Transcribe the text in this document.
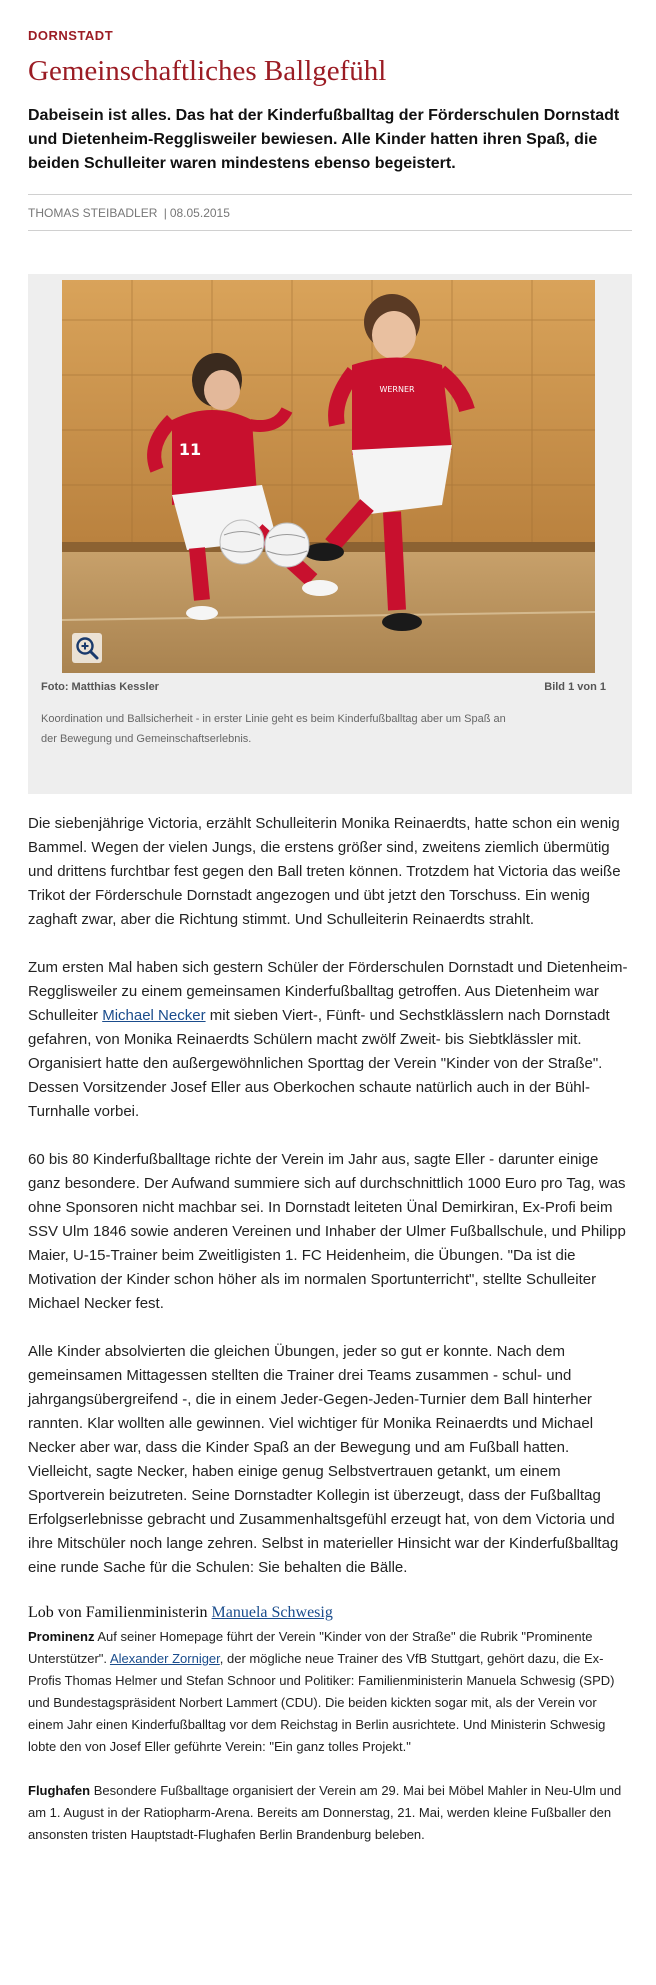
DORNSTADT
Gemeinschaftliches Ballgefühl

Dabeisein ist alles. Das hat der Kinderfußballtag der Förderschulen Dornstadt und Dietenheim-Regglisweiler bewiesen. Alle Kinder hatten ihren Spaß, die beiden Schulleiter waren mindestens ebenso begeistert.

THOMAS STEIBADLER | 08.05.2015
WERNER
11
Foto: Matthias Kessler	Bild 1 von 1
Koordination und Ballsicherheit - in erster Linie geht es beim Kinderfußballtag aber um Spaß an der Bewegung und Gemeinschaftserlebnis.

Die siebenjährige Victoria, erzählt Schulleiterin Monika Reinaerdts, hatte schon ein wenig Bammel. Wegen der vielen Jungs, die erstens größer sind, zweitens ziemlich übermütig und drittens furchtbar fest gegen den Ball treten können. Trotzdem hat Victoria das weiße Trikot der Förderschule Dornstadt angezogen und übt jetzt den Torschuss. Ein wenig zaghaft zwar, aber die Richtung stimmt. Und Schulleiterin Reinaerdts strahlt.

Zum ersten Mal haben sich gestern Schüler der Förderschulen Dornstadt und Dietenheim-Regglisweiler zu einem gemeinsamen Kinderfußballtag getroffen. Aus Dietenheim war Schulleiter Michael Necker mit sieben Viert-, Fünft- und Sechstklässlern nach Dornstadt gefahren, von Monika Reinaerdts Schülern macht zwölf Zweit- bis Siebtklässler mit. Organisiert hatte den außergewöhnlichen Sporttag der Verein "Kinder von der Straße". Dessen Vorsitzender Josef Eller aus Oberkochen schaute natürlich auch in der Bühl-Turnhalle vorbei.

60 bis 80 Kinderfußballtage richte der Verein im Jahr aus, sagte Eller - darunter einige ganz besondere. Der Aufwand summiere sich auf durchschnittlich 1000 Euro pro Tag, was ohne Sponsoren nicht machbar sei. In Dornstadt leiteten Ünal Demirkiran, Ex-Profi beim SSV Ulm 1846 sowie anderen Vereinen und Inhaber der Ulmer Fußballschule, und Philipp Maier, U-15-Trainer beim Zweitligisten 1. FC Heidenheim, die Übungen. "Da ist die Motivation der Kinder schon höher als im normalen Sportunterricht", stellte Schulleiter Michael Necker fest.

Alle Kinder absolvierten die gleichen Übungen, jeder so gut er konnte. Nach dem gemeinsamen Mittagessen stellten die Trainer drei Teams zusammen - schul- und jahrgangsübergreifend -, die in einem Jeder-Gegen-Jeden-Turnier dem Ball hinterher rannten. Klar wollten alle gewinnen. Viel wichtiger für Monika Reinaerdts und Michael Necker aber war, dass die Kinder Spaß an der Bewegung und am Fußball hatten. Vielleicht, sagte Necker, haben einige genug Selbstvertrauen getankt, um einem Sportverein beizutreten. Seine Dornstadter Kollegin ist überzeugt, dass der Fußballtag Erfolgserlebnisse gebracht und Zusammenhaltsgefühl erzeugt hat, von dem Victoria und ihre Mitschüler noch lange zehren. Selbst in materieller Hinsicht war der Kinderfußballtag eine runde Sache für die Schulen: Sie behalten die Bälle.

Lob von Familienministerin Manuela Schwesig

Prominenz Auf seiner Homepage führt der Verein "Kinder von der Straße" die Rubrik "Prominente Unterstützer". Alexander Zorniger, der mögliche neue Trainer des VfB Stuttgart, gehört dazu, die Ex-Profis Thomas Helmer und Stefan Schnoor und Politiker: Familienministerin Manuela Schwesig (SPD) und Bundestagspräsident Norbert Lammert (CDU). Die beiden kickten sogar mit, als der Verein vor einem Jahr einen Kinderfußballtag vor dem Reichstag in Berlin ausrichtete. Und Ministerin Schwesig lobte den von Josef Eller geführte Verein: "Ein ganz tolles Projekt."

Flughafen Besondere Fußballtage organisiert der Verein am 29. Mai bei Möbel Mahler in Neu-Ulm und am 1. August in der Ratiopharm-Arena. Bereits am Donnerstag, 21. Mai, werden kleine Fußballer den ansonsten tristen Hauptstadt-Flughafen Berlin Brandenburg beleben.
